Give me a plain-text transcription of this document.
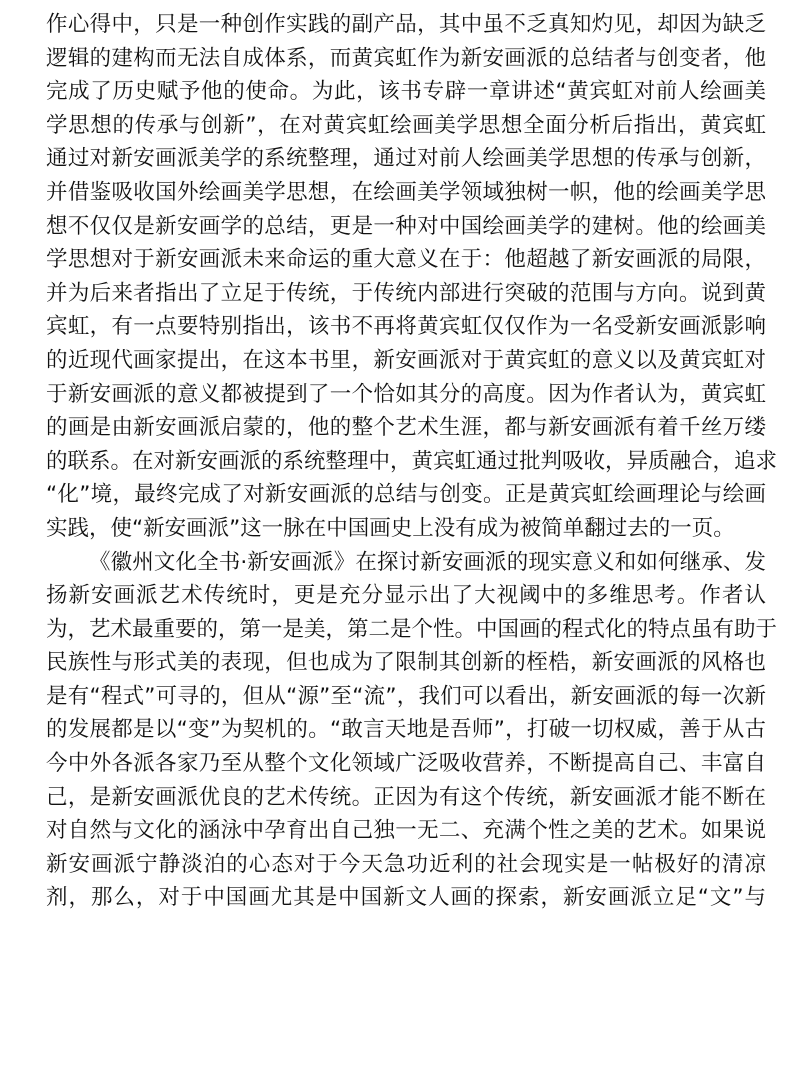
作心得中，只是一种创作实践的副产品，其中虽不乏真知灼见，却因为缺乏
逻辑的建构而无法自成体系，而黄宾虹作为新安画派的总结者与创变者，他
完成了历史赋予他的使命。为此，该书专辟一章讲述“黄宾虹对前人绘画美
学思想的传承与创新”，在对黄宾虹绘画美学思想全面分析后指出，黄宾虹
通过对新安画派美学的系统整理，通过对前人绘画美学思想的传承与创新，
并借鉴吸收国外绘画美学思想，在绘画美学领域独树一帜，他的绘画美学思
想不仅仅是新安画学的总结，更是一种对中国绘画美学的建树。他的绘画美
学思想对于新安画派未来命运的重大意义在于：他超越了新安画派的局限，
并为后来者指出了立足于传统，于传统内部进行突破的范围与方向。说到黄
宾虹，有一点要特别指出，该书不再将黄宾虹仅仅作为一名受新安画派影响
的近现代画家提出，在这本书里，新安画派对于黄宾虹的意义以及黄宾虹对
于新安画派的意义都被提到了一个恰如其分的高度。因为作者认为，黄宾虹
的画是由新安画派启蒙的，他的整个艺术生涯，都与新安画派有着千丝万缕
的联系。在对新安画派的系统整理中，黄宾虹通过批判吸收，异质融合，追求
“化”境，最终完成了对新安画派的总结与创变。正是黄宾虹绘画理论与绘画
实践，使“新安画派”这一脉在中国画史上没有成为被简单翻过去的一页。
《徽州文化全书·新安画派》在探讨新安画派的现实意义和如何继承、发
扬新安画派艺术传统时，更是充分显示出了大视阈中的多维思考。作者认
为，艺术最重要的，第一是美，第二是个性。中国画的程式化的特点虽有助于
民族性与形式美的表现，但也成为了限制其创新的桎梏，新安画派的风格也
是有“程式”可寻的，但从“源”至“流”，我们可以看出，新安画派的每一次新
的发展都是以“变”为契机的。“敢言天地是吾师”，打破一切权威，善于从古
今中外各派各家乃至从整个文化领域广泛吸收营养，不断提高自己、丰富自
己，是新安画派优良的艺术传统。正因为有这个传统，新安画派才能不断在
对自然与文化的涵泳中孕育出自己独一无二、充满个性之美的艺术。如果说
新安画派宁静淡泊的心态对于今天急功近利的社会现实是一帖极好的清凉
剂，那么，对于中国画尤其是中国新文人画的探索，新安画派立足“文”与
